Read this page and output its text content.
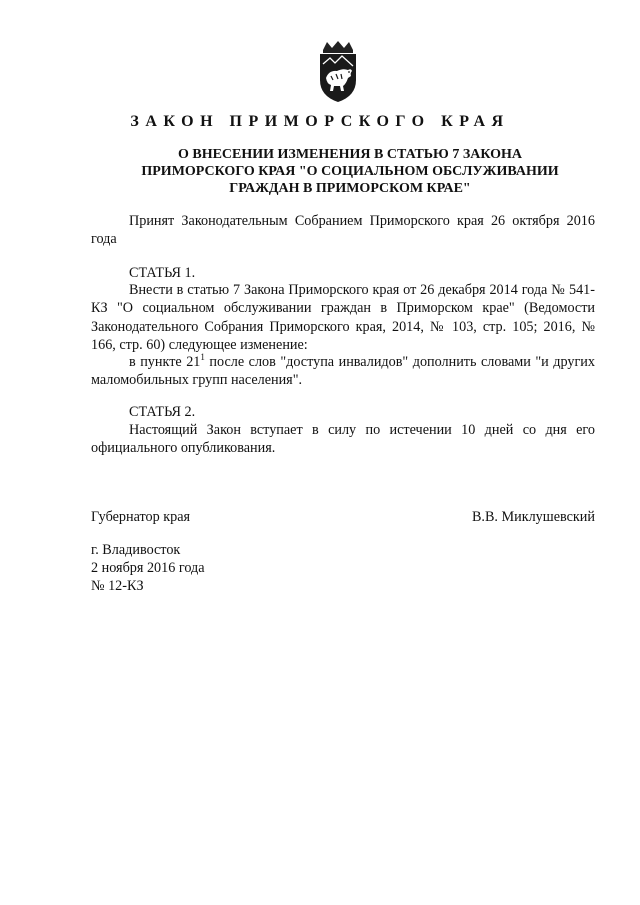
ЗАКОН ПРИМОРСКОГО КРАЯ
О ВНЕСЕНИИ ИЗМЕНЕНИЯ В СТАТЬЮ 7 ЗАКОНА
ПРИМОРСКОГО КРАЯ "О СОЦИАЛЬНОМ ОБСЛУЖИВАНИИ
ГРАЖДАН В ПРИМОРСКОМ КРАЕ"

Принят Законодательным Собранием Приморского края 26 октября 2016 года

СТАТЬЯ 1.

Внести в статью 7 Закона Приморского края от 26 декабря 2014 года № 541-КЗ "О социальном обслуживании граждан в Приморском крае" (Ведомости Законодательного Собрания Приморского края, 2014, № 103, стр. 105; 2016, № 166, стр. 60) следующее изменение:

в пункте $21^1$ после слов "доступа инвалидов" дополнить словами "и других маломобильных групп населения".

СТАТЬЯ 2.

Настоящий Закон вступает в силу по истечении 10 дней со дня его официального опубликования.

Губернатор края	В.В. Миклушевский
г. Владивосток
2 ноября 2016 года
№ 12-КЗ
